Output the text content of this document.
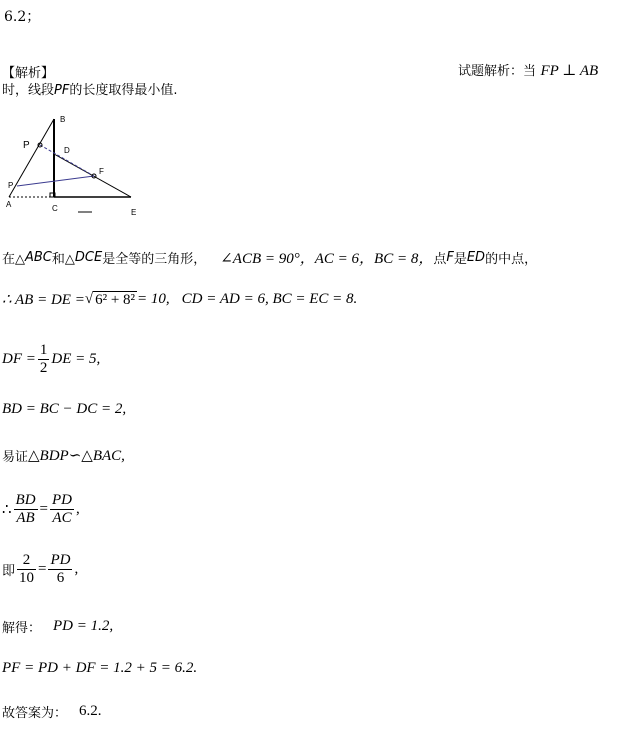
6.2；
【解析】	试题解析：当 FP ⊥ AB
时，线段PF的长度取得最小值.
B
P	D
F
P
A	C	E
在△ ABC 和△ DCE 是全等的三角形， ∠ACB = 90°，AC = 6，BC = 8， 点 F 是 ED 的中点，
∴ AB = DE = √ 6² + 8² = 10, CD = AD = 6, BC = EC = 8.
DF = $\frac{1}{2}$ DE = 5,
BD = BC − DC = 2,
易证 △BDP∽△BAC,
∴ $\frac{BD}{AB} = \frac{PD}{AC}$ ,
即 $\frac{2}{10} = \frac{PD}{6}$ ,
解得： PD = 1.2,
PF = PD + DF = 1.2 + 5 = 6.2.
故答案为： 6.2.
